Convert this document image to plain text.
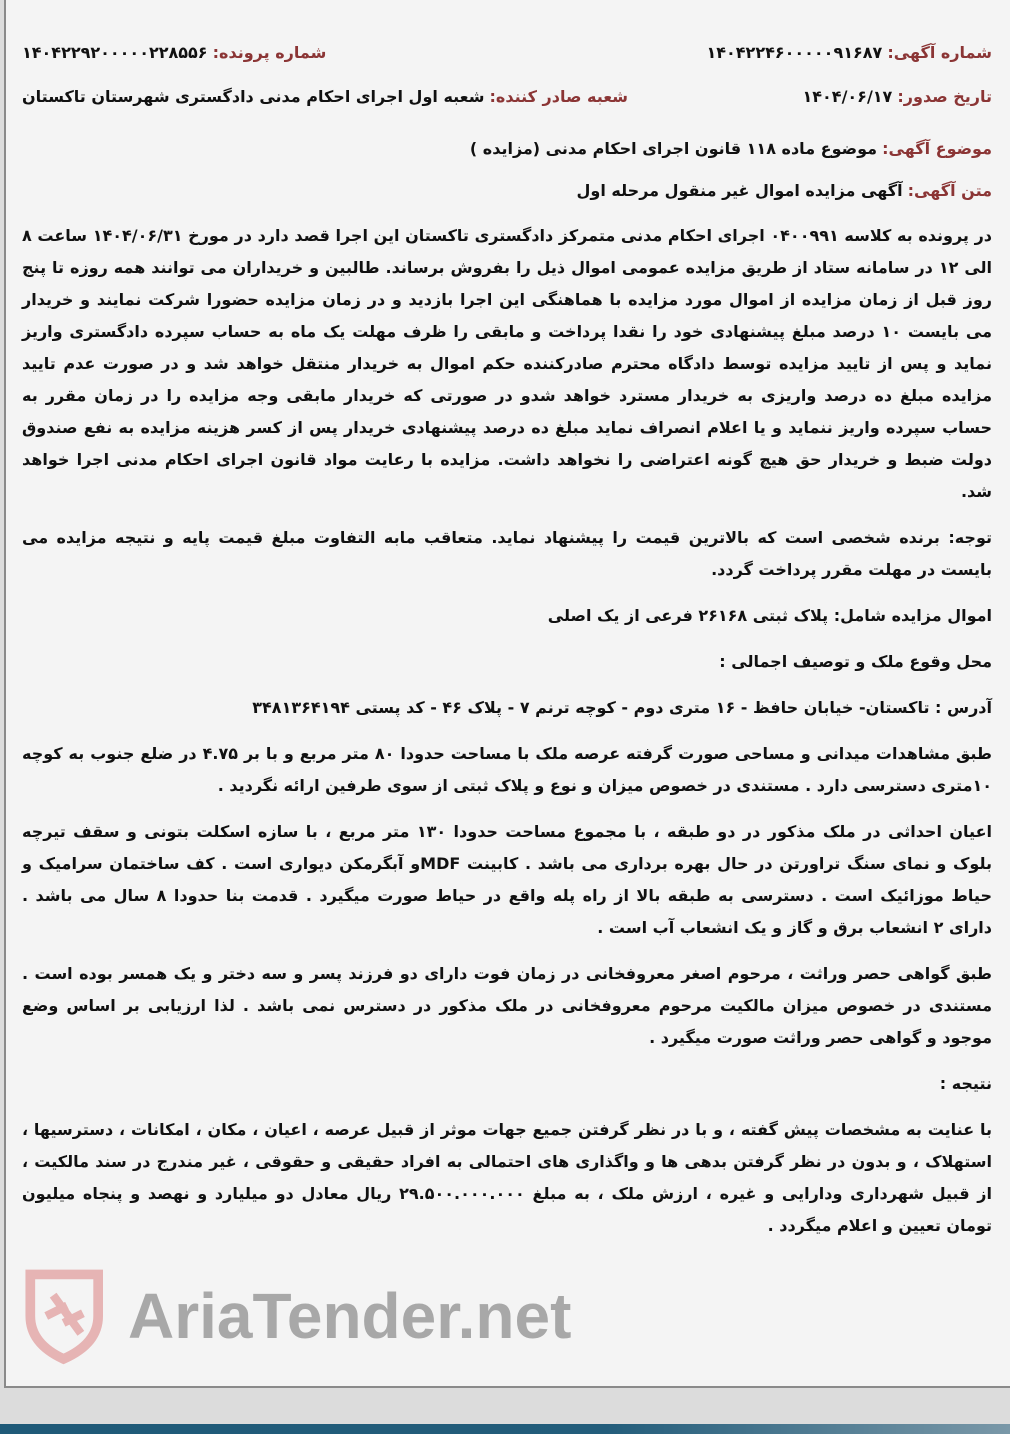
شماره آگهی: ۱۴۰۴۲۲۴۶۰۰۰۰۰۹۱۶۸۷
شماره پرونده: ۱۴۰۴۲۲۹۲۰۰۰۰۰۲۲۸۵۵۶
تاریخ صدور: ۱۴۰۴/۰۶/۱۷
شعبه صادر کننده: شعبه اول اجرای احکام مدنی دادگستری شهرستان تاکستان
موضوع آگهی: موضوع ماده ۱۱۸ قانون اجرای احکام مدنی (مزایده )
متن آگهی: آگهی مزایده اموال غیر منقول مرحله اول

در پرونده به کلاسه ۰۴۰۰۹۹۱ اجرای احکام مدنی متمرکز دادگستری تاکستان این اجرا قصد دارد در مورخ ۱۴۰۴/۰۶/۳۱ ساعت ۸ الی ۱۲ در سامانه ستاد از طریق مزایده عمومی اموال ذیل را بفروش برساند. طالبین و خریداران می توانند همه روزه تا پنج روز قبل از زمان مزایده از اموال مورد مزایده با هماهنگی این اجرا بازدید و در زمان مزایده حضورا شرکت نمایند و خریدار می بایست ۱۰ درصد مبلغ پیشنهادی خود را نقدا پرداخت و مابقی را ظرف مهلت یک ماه به حساب سپرده دادگستری واریز نماید و پس از تایید مزایده توسط دادگاه محترم صادرکننده حکم اموال به خریدار منتقل خواهد شد و در صورت عدم تایید مزایده مبلغ ده درصد واریزی به خریدار مسترد خواهد شدو در صورتی که خریدار مابقی وجه مزایده را در زمان مقرر به حساب سپرده واریز ننماید و یا اعلام انصراف نماید مبلغ ده درصد پیشنهادی خریدار پس از کسر هزینه مزایده به نفع صندوق دولت ضبط و خریدار حق هیچ گونه اعتراضی را نخواهد داشت. مزایده با رعایت مواد قانون اجرای احکام مدنی اجرا خواهد شد.

توجه: برنده شخصی است که بالاترین قیمت را پیشنهاد نماید. متعاقب مابه التفاوت مبلغ قیمت پایه و نتیجه مزایده می بایست در مهلت مقرر پرداخت گردد.

اموال مزایده شامل: پلاک ثبتی ۲۶۱۶۸ فرعی از یک اصلی

محل وقوع ملک و توصیف اجمالی :

آدرس : تاکستان- خیابان حافظ - ۱۶ متری دوم - کوچه ترنم ۷ - پلاک ۴۶ - کد پستی ۳۴۸۱۳۶۴۱۹۴

طبق مشاهدات میدانی و مساحی صورت گرفته عرصه ملک با مساحت حدودا ۸۰ متر مربع و با بر ۴.۷۵ در ضلع جنوب به کوچه ۱۰متری دسترسی دارد . مستندی در خصوص میزان و نوع و پلاک ثبتی از سوی طرفین ارائه نگردید .

اعیان احداثی در ملک مذکور در دو طبقه ، با مجموع مساحت حدودا ۱۳۰ متر مربع ، با سازه اسکلت بتونی و سقف تیرچه بلوک و نمای سنگ تراورتن در حال بهره برداری می باشد . کابینت MDFو آبگرمکن دیواری است . کف ساختمان سرامیک و حیاط موزائیک است . دسترسی به طبقه بالا از راه پله واقع در حیاط صورت میگیرد . قدمت بنا حدودا ۸ سال می باشد . دارای ۲ انشعاب برق و گاز و یک انشعاب آب است .

طبق گواهی حصر وراثت ، مرحوم اصغر معروفخانی در زمان فوت دارای دو فرزند پسر و سه دختر و یک همسر بوده است . مستندی در خصوص میزان مالکیت مرحوم معروفخانی در ملک مذکور در دسترس نمی باشد . لذا ارزیابی بر اساس وضع موجود و گواهی حصر وراثت صورت میگیرد .

نتیجه :

با عنایت به مشخصات پیش گفته ، و با در نظر گرفتن جمیع جهات موثر از قبیل عرصه ، اعیان ، مکان ، امکانات ، دسترسیها ، استهلاک ، و بدون در نظر گرفتن بدهی ها و واگذاری های احتمالی به افراد حقیقی و حقوقی ، غیر مندرج در سند مالکیت ، از قبیل شهرداری ودارایی و غیره ، ارزش ملک ، به مبلغ ۲۹.۵۰۰.۰۰۰.۰۰۰ ریال معادل دو میلیارد و نهصد و پنجاه میلیون تومان تعیین و اعلام میگردد .

AriaTender.net
